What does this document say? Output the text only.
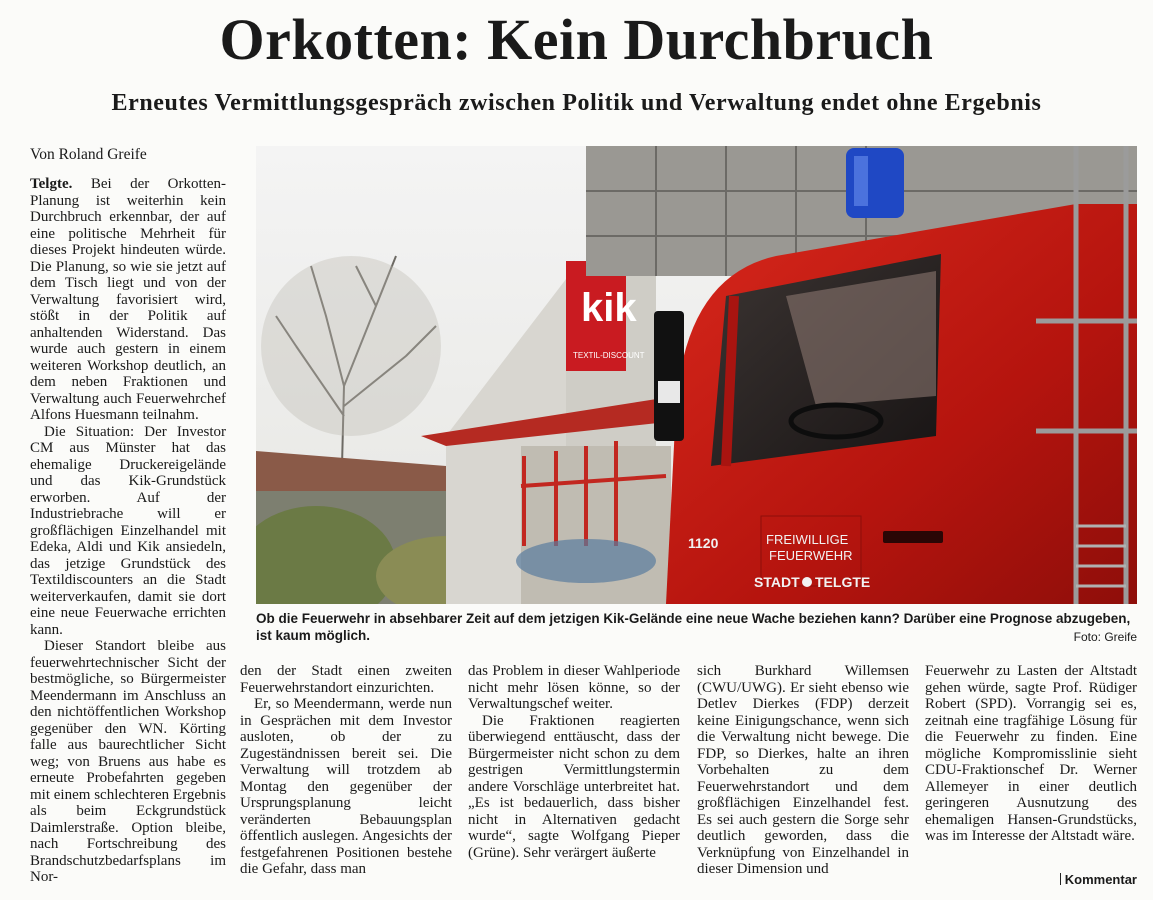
Orkotten: Kein Durchbruch
Erneutes Vermittlungsgespräch zwischen Politik und Verwaltung endet ohne Ergebnis
Von Roland Greife

Telgte. Bei der Orkotten-Planung ist weiterhin kein Durchbruch erkennbar, der auf eine politische Mehrheit für dieses Projekt hindeuten würde. Die Planung, so wie sie jetzt auf dem Tisch liegt und von der Verwaltung favorisiert wird, stößt in der Politik auf anhaltenden Widerstand. Das wurde auch gestern in einem weiteren Workshop deutlich, an dem neben Fraktionen und Verwaltung auch Feuerwehrchef Alfons Huesmann teilnahm.

Die Situation: Der Investor CM aus Münster hat das ehemalige Druckereigelände und das Kik-Grundstück erworben. Auf der Industriebrache will er großflächigen Einzelhandel mit Edeka, Aldi und Kik ansiedeln, das jetzige Grundstück des Textildiscounters an die Stadt weiterverkaufen, damit sie dort eine neue Feuerwache errichten kann.

Dieser Standort bleibe aus feuerwehrtechnischer Sicht der bestmögliche, so Bürgermeister Meendermann im Anschluss an den nichtöffentlichen Workshop gegenüber den WN. Körting falle aus baurechtlicher Sicht weg; von Bruens aus habe es erneute Probefahrten gegeben mit einem schlechteren Ergebnis als beim Eckgrundstück Daimlerstraße. Option bleibe, nach Fortschreibung des Brandschutzbedarfsplans im Nor-

kik
TEXTIL-DISCOUNT
1120	FREIWILLIGE
FEUERWEHR
STADT TELGTE
Ob die Feuerwehr in absehbarer Zeit auf dem jetzigen Kik-Gelände eine neue Wache beziehen kann? Darüber eine Prognose abzugeben, ist kaum möglich.	Foto: Greife

den der Stadt einen zweiten Feuerwehrstandort einzurichten.

Er, so Meendermann, werde nun in Gesprächen mit dem Investor ausloten, ob der zu Zugeständnissen bereit sei. Die Verwaltung will trotzdem ab Montag den gegenüber der Ursprungsplanung leicht veränderten Bebauungsplan öffentlich auslegen. Angesichts der festgefahrenen Positionen bestehe die Gefahr, dass man

das Problem in dieser Wahlperiode nicht mehr lösen könne, so der Verwaltungschef weiter.

Die Fraktionen reagierten überwiegend enttäuscht, dass der Bürgermeister nicht schon zu dem gestrigen Vermittlungstermin andere Vorschläge unterbreitet hat. „Es ist bedauerlich, dass bisher nicht in Alternativen gedacht wurde“, sagte Wolfgang Pieper (Grüne). Sehr verärgert äußerte

sich Burkhard Willemsen (CWU/UWG). Er sieht ebenso wie Detlev Dierkes (FDP) derzeit keine Einigungschance, wenn sich die Verwaltung nicht bewege. Die FDP, so Dierkes, halte an ihren Vorbehalten zu dem Feuerwehrstandort und dem großflächigen Einzelhandel fest. Es sei auch gestern die Sorge sehr deutlich geworden, dass die Verknüpfung von Einzelhandel in dieser Dimension und

Feuerwehr zu Lasten der Altstadt gehen würde, sagte Prof. Rüdiger Robert (SPD). Vorrangig sei es, zeitnah eine tragfähige Lösung für die Feuerwehr zu finden. Eine mögliche Kompromisslinie sieht CDU-Fraktionschef Dr. Werner Allemeyer in einer deutlich geringeren Ausnutzung des ehemaligen Hansen-Grundstücks, was im Interesse der Altstadt wäre.

Kommentar
